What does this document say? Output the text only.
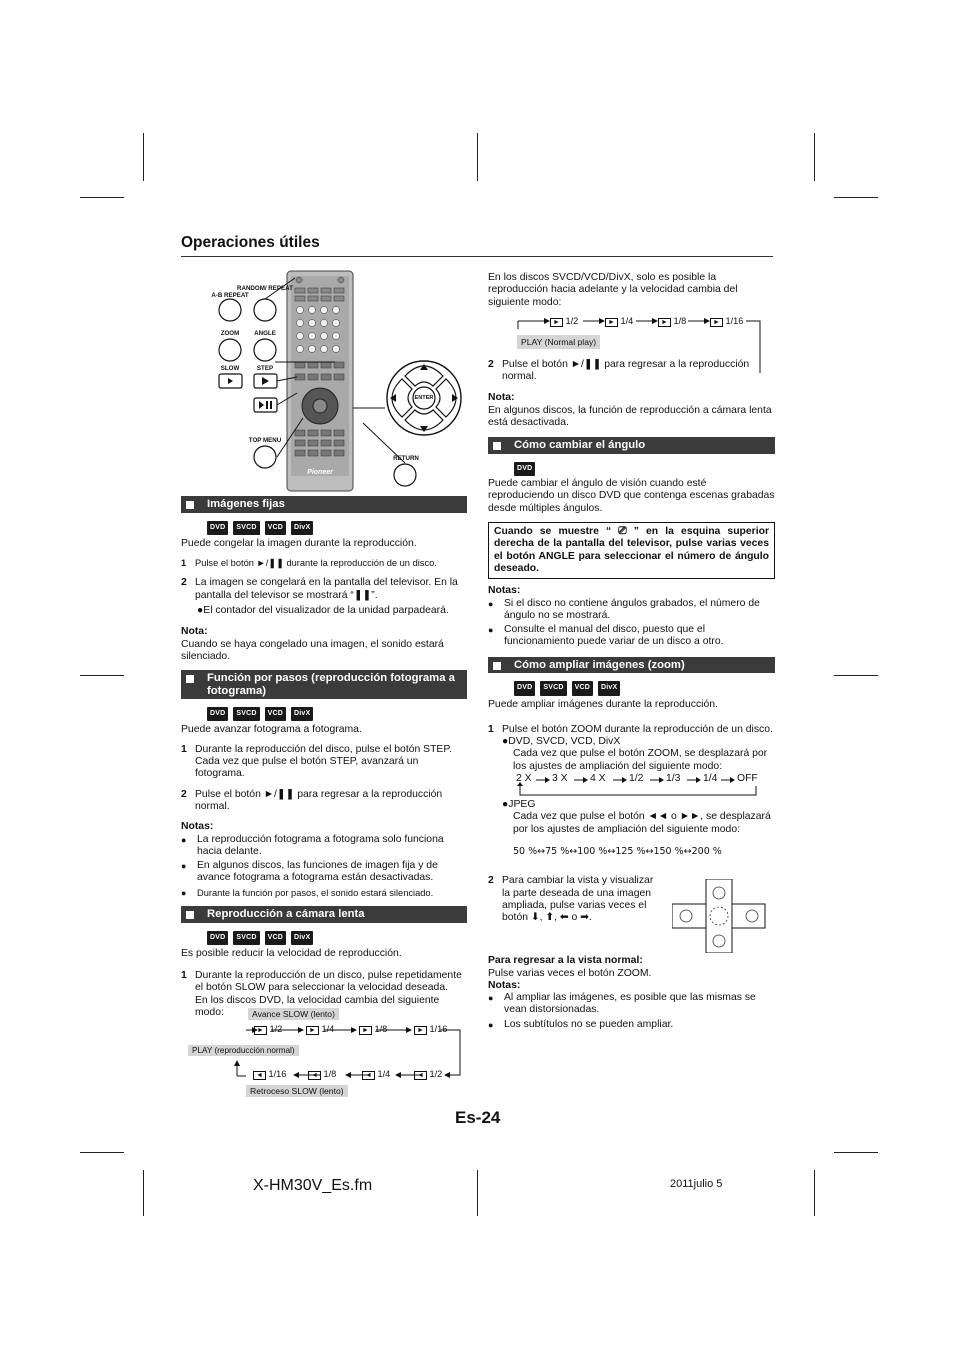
Operaciones útiles
A-B REPEAT
RANDOM/ REPEAT
ZOOM	ANGLE
SLOW	STEP
TOP MENU
RETURN
ENTER
Pioneer
Imágenes fijas
DVD	SVCD	VCD	DivX

Puede congelar la imagen durante la reproducción.

1 Pulse el botón ►/❚❚ durante la reproducción de un disco.
2 La imagen se congelará en la pantalla del televisor. En la pantalla del televisor se mostrará “❚❚”.

●El contador del visualizador de la unidad parpadeará.

Nota:

Cuando se haya congelado una imagen, el sonido estará silenciado.

Función por pasos (reproducción fotograma a fotograma)
DVD	SVCD	VCD	DivX

Puede avanzar fotograma a fotograma.

1 Durante la reproducción del disco, pulse el botón STEP. Cada vez que pulse el botón STEP, avanzará un fotograma.
2 Pulse el botón ►/❚❚ para regresar a la reproducción normal.

Notas:

●	La reproducción fotograma a fotograma solo funciona hacia delante.
●	En algunos discos, las funciones de imagen fija y de avance fotograma a fotograma están desactivadas.
●	Durante la función por pasos, el sonido estará silenciado.
Reproducción a cámara lenta
DVD	SVCD	VCD	DivX

Es posible reducir la velocidad de reproducción.

1 Durante la reproducción de un disco, pulse repetidamente el botón SLOW para seleccionar la velocidad deseada.
En los discos DVD, la velocidad cambia del siguiente modo:	Avance SLOW (lento)
PLAY (reproducción normal)
Retroceso SLOW (lento)
► 1/2	► 1/4	► 1/8	► 1/16
◄ 1/16	◄ 1/8	◄ 1/4	◄ 1/2

En los discos SVCD/VCD/DivX, solo es posible la reproducción hacia adelante y la velocidad cambia del siguiente modo:

► 1/2	► 1/4	► 1/8	► 1/16
PLAY (Normal play)
2 Pulse el botón ►/❚❚ para regresar a la reproducción normal.

Nota:

En algunos discos, la función de reproducción a cámara lenta está desactivada.

Cómo cambiar el ángulo
DVD

Puede cambiar el ángulo de visión cuando esté reproduciendo un disco DVD que contenga escenas grabadas desde múltiples ángulos.

Cuando se muestre “ ⎚ ” en la esquina superior derecha de la pantalla del televisor, pulse varias veces el botón ANGLE para seleccionar el número de ángulo deseado.

Notas:

●	Si el disco no contiene ángulos grabados, el número de ángulo no se mostrará.
●	Consulte el manual del disco, puesto que el funcionamiento puede variar de un disco a otro.
Cómo ampliar imágenes (zoom)
DVD	SVCD	VCD	DivX

Puede ampliar imágenes durante la reproducción.

1 Pulse el botón ZOOM durante la reproducción de un disco.

●DVD, SVCD, VCD, DivX

Cada vez que pulse el botón ZOOM, se desplazará por los ajustes de ampliación del siguiente modo:

2 X 3 X 4 X 1/2 1/3 1/4 OFF

●JPEG

Cada vez que pulse el botón ◄◄ o ►►, se desplazará por los ajustes de ampliación del siguiente modo:

50 %↔75 %↔100 %↔125 %↔150 %↔200 %

2 Para cambiar la vista y visualizar la parte deseada de una imagen ampliada, pulse varias veces el botón ⬇, ⬆, ⬅ o ➡.

Para regresar a la vista normal:

Pulse varias veces el botón ZOOM.

Notas:

●	Al ampliar las imágenes, es posible que las mismas se vean distorsionadas.
●	Los subtítulos no se pueden ampliar.
Es-24
X-HM30V_Es.fm	2011julio 5
